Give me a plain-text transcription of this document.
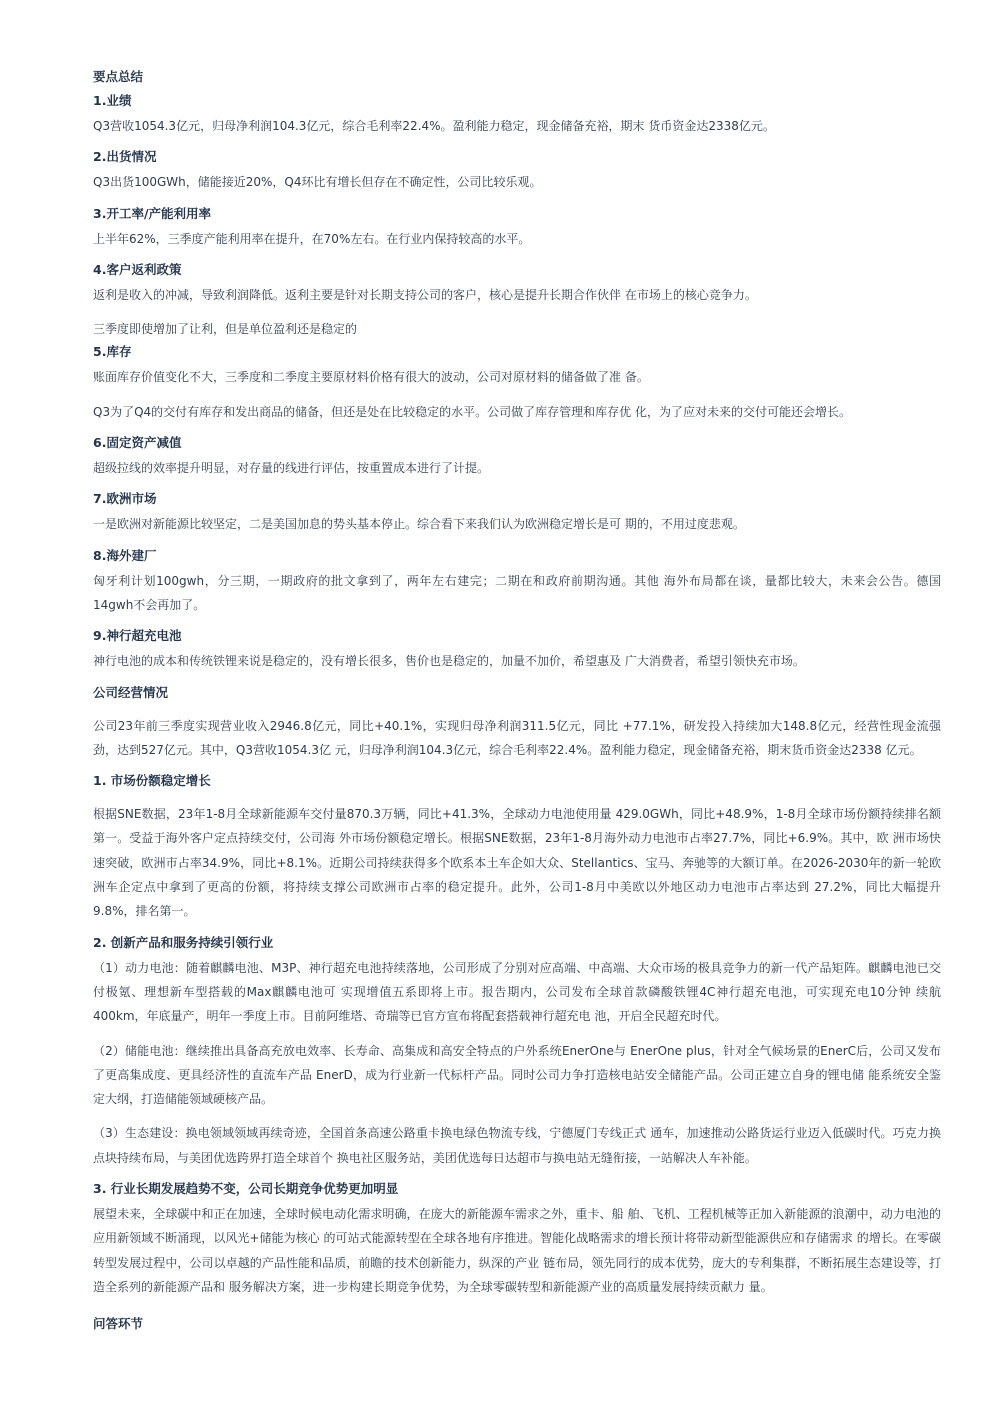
要点总结
1.业绩

Q3营收1054.3亿元，归母净利润104.3亿元，综合毛利率22.4%。盈利能力稳定，现金储备充裕，期末 货币资金达2338亿元。

2.出货情况

Q3出货100GWh，储能接近20%，Q4环比有增长但存在不确定性，公司比较乐观。

3.开工率/产能利用率

上半年62%，三季度产能利用率在提升，在70%左右。在行业内保持较高的水平。

4.客户返利政策

返利是收入的冲减，导致利润降低。返利主要是针对长期支持公司的客户，核心是提升长期合作伙伴 在市场上的核心竞争力。

三季度即使增加了让利，但是单位盈利还是稳定的

5.库存

账面库存价值变化不大，三季度和二季度主要原材料价格有很大的波动，公司对原材料的储备做了准 备。

Q3为了Q4的交付有库存和发出商品的储备，但还是处在比较稳定的水平。公司做了库存管理和库存优 化，为了应对未来的交付可能还会增长。

6.固定资产减值

超级拉线的效率提升明显，对存量的线进行评估，按重置成本进行了计提。

7.欧洲市场

一是欧洲对新能源比较坚定，二是美国加息的势头基本停止。综合看下来我们认为欧洲稳定增长是可 期的，不用过度悲观。

8.海外建厂

匈牙利计划100gwh，分三期，一期政府的批文拿到了，两年左右建完；二期在和政府前期沟通。其他 海外布局都在谈，量都比较大，未来会公告。德国14gwh不会再加了。

9.神行超充电池

神行电池的成本和传统铁锂来说是稳定的，没有增长很多，售价也是稳定的，加量不加价，希望惠及 广大消费者，希望引领快充市场。

公司经营情况

公司23年前三季度实现营业收入2946.8亿元，同比+40.1%，实现归母净利润311.5亿元，同比 +77.1%，研发投入持续加大148.8亿元，经营性现金流强劲，达到527亿元。其中，Q3营收1054.3亿 元，归母净利润104.3亿元，综合毛利率22.4%。盈利能力稳定，现金储备充裕，期末货币资金达2338 亿元。

1. 市场份额稳定增长

根据SNE数据，23年1-8月全球新能源车交付量870.3万辆，同比+41.3%，全球动力电池使用量 429.0GWh，同比+48.9%，1-8月全球市场份额持续排名额第一。受益于海外客户定点持续交付，公司海 外市场份额稳定增长。根据SNE数据，23年1-8月海外动力电池市占率27.7%，同比+6.9%。其中，欧 洲市场快速突破，欧洲市占率34.9%，同比+8.1%。近期公司持续获得多个欧系本土车企如大众、Stellantics、宝马、奔驰等的大额订单。在2026-2030年的新一轮欧洲车企定点中拿到了更高的份额，将持续支撑公司欧洲市占率的稳定提升。此外，公司1-8月中美欧以外地区动力电池市占率达到 27.2%，同比大幅提升9.8%，排名第一。

2. 创新产品和服务持续引领行业

（1）动力电池：随着麒麟电池、M3P、神行超充电池持续落地，公司形成了分别对应高端、中高端、大众市场的极具竞争力的新一代产品矩阵。麒麟电池已交付极氪、理想新车型搭载的Max麒麟电池可 实现增值五系即将上市。报告期内，公司发布全球首款磷酸铁锂4C神行超充电池，可实现充电10分钟 续航400km，年底量产，明年一季度上市。目前阿维塔、奇瑞等已官方宣布将配套搭载神行超充电 池，开启全民超充时代。

（2）储能电池：继续推出具备高充放电效率、长寿命、高集成和高安全特点的户外系统EnerOne与 EnerOne plus，针对全气候场景的EnerC后，公司又发布了更高集成度、更具经济性的直流车产品 EnerD，成为行业新一代标杆产品。同时公司力争打造核电站安全储能产品。公司正建立自身的锂电储 能系统安全鉴定大纲，打造储能领域硬核产品。

（3）生态建设：换电领域领域再续奇迹，全国首条高速公路重卡换电绿色物流专线，宁德厦门专线正式 通车，加速推动公路货运行业迈入低碳时代。巧克力换点块持续布局，与美团优选跨界打造全球首个 换电社区服务站，美团优选每日达超市与换电站无缝衔接，一站解决人车补能。

3. 行业长期发展趋势不变，公司长期竞争优势更加明显

展望未来，全球碳中和正在加速，全球时候电动化需求明确，在庞大的新能源车需求之外，重卡、船 舶、飞机、工程机械等正加入新能源的浪潮中，动力电池的应用新领域不断涌现，以风光+储能为核心 的可站式能源转型在全球各地有序推进。智能化战略需求的增长预计将带动新型能源供应和存储需求 的增长。在零碳转型发展过程中，公司以卓越的产品性能和品质，前瞻的技术创新能力，纵深的产业 链布局，领先同行的成本优势，庞大的专利集群，不断拓展生态建设等，打造全系列的新能源产品和 服务解决方案，进一步构建长期竞争优势，为全球零碳转型和新能源产业的高质量发展持续贡献力 量。

问答环节
